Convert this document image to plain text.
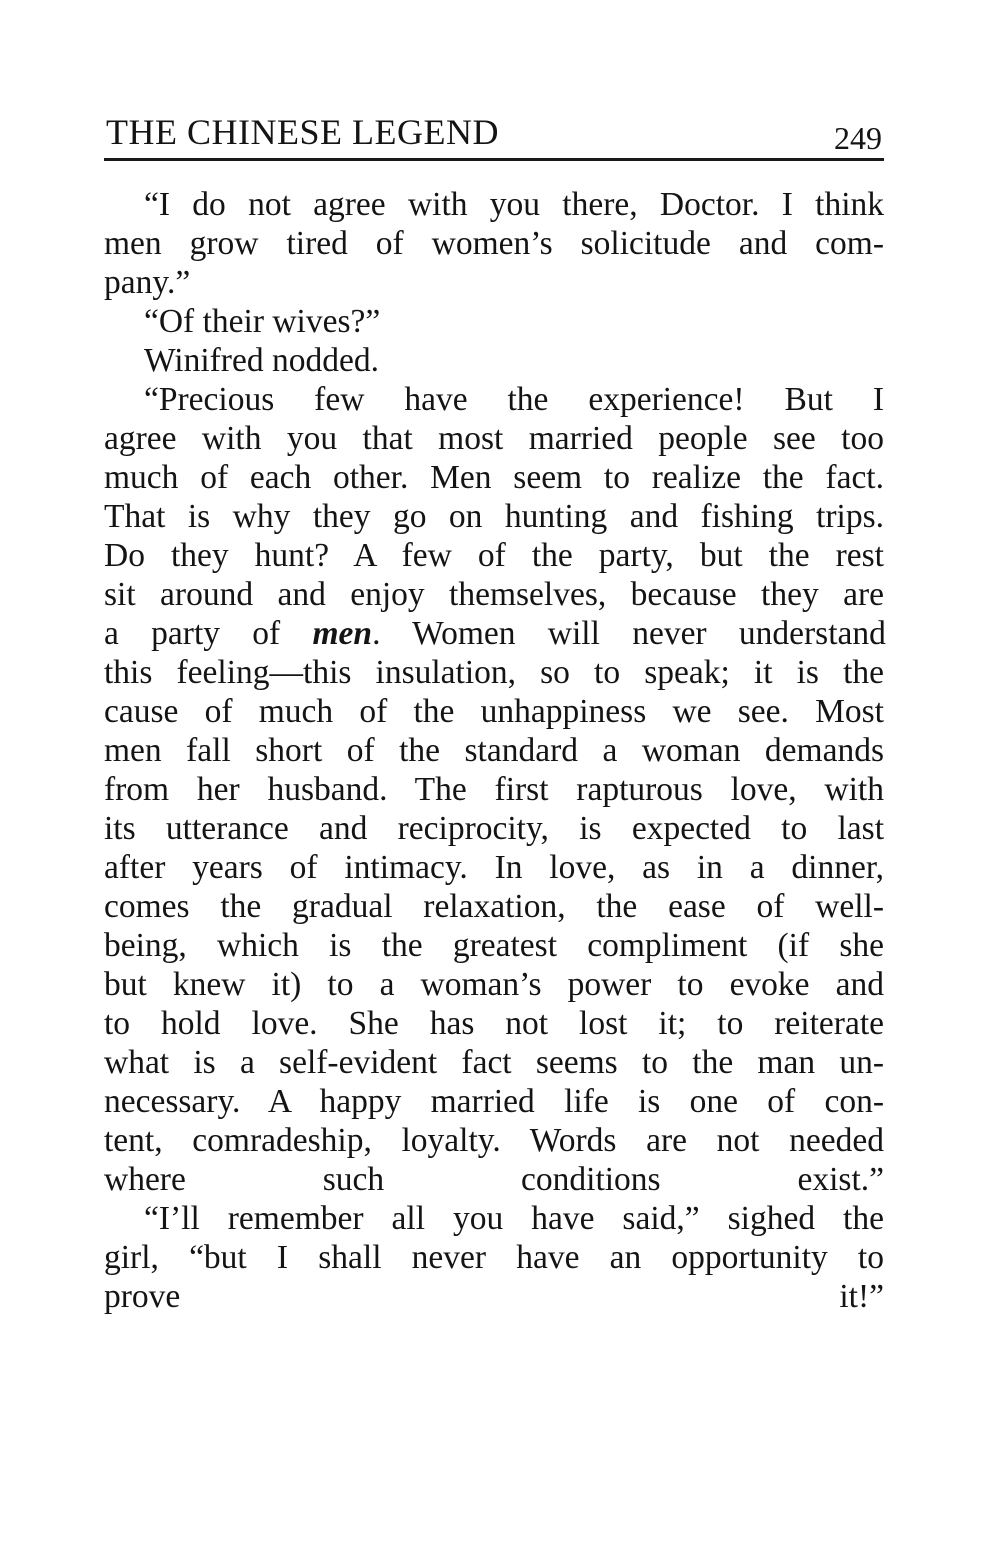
THE CHINESE LEGEND	249

“I do not agree with you there, Doctor. I think
men grow tired of women’s solicitude and com-
pany.”

“Of their wives?”

Winifred nodded.

“Precious few have the experience! But I
agree with you that most married people see too
much of each other. Men seem to realize the fact.
That is why they go on hunting and fishing trips.
Do they hunt? A few of the party, but the rest
sit around and enjoy themselves, because they are
a party of men. Women will never understand
this feeling—this insulation, so to speak; it is the
cause of much of the unhappiness we see. Most
men fall short of the standard a woman demands
from her husband. The first rapturous love, with
its utterance and reciprocity, is expected to last
after years of intimacy. In love, as in a dinner,
comes the gradual relaxation, the ease of well-
being, which is the greatest compliment (if she
but knew it) to a woman’s power to evoke and
to hold love. She has not lost it; to reiterate
what is a self-evident fact seems to the man un-
necessary. A happy married life is one of con-
tent, comradeship, loyalty. Words are not needed
where such conditions exist.”

“I’ll remember all you have said,” sighed the
girl, “but I shall never have an opportunity to
prove it!”
